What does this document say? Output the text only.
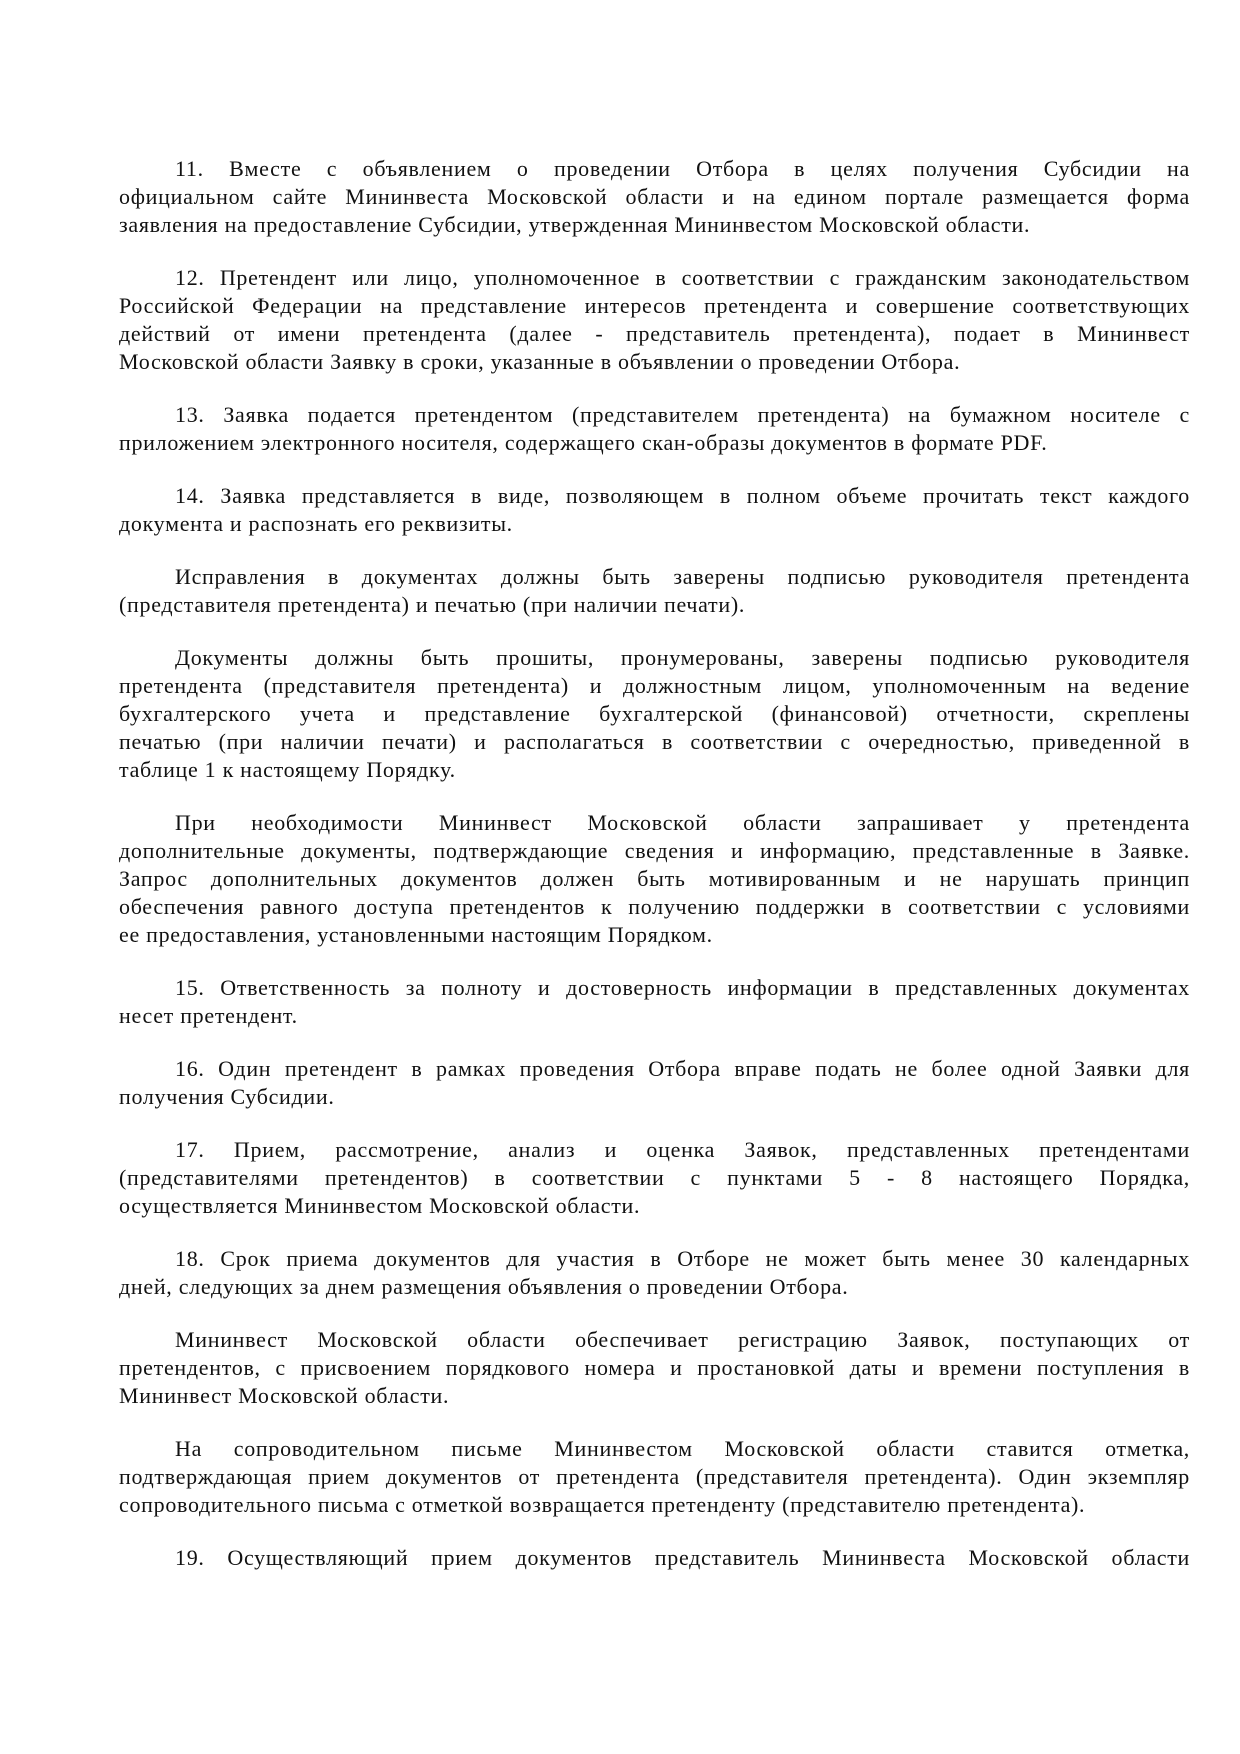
11. Вместе с объявлением о проведении Отбора в целях получения Субсидии на
официальном сайте Мининвеста Московской области и на едином портале размещается форма
заявления на предоставление Субсидии, утвержденная Мининвестом Московской области.
12. Претендент или лицо, уполномоченное в соответствии с гражданским законодательством
Российской Федерации на представление интересов претендента и совершение соответствующих
действий от имени претендента (далее - представитель претендента), подает в Мининвест
Московской области Заявку в сроки, указанные в объявлении о проведении Отбора.
13. Заявка подается претендентом (представителем претендента) на бумажном носителе с
приложением электронного носителя, содержащего скан-образы документов в формате PDF.
14. Заявка представляется в виде, позволяющем в полном объеме прочитать текст каждого
документа и распознать его реквизиты.
Исправления в документах должны быть заверены подписью руководителя претендента
(представителя претендента) и печатью (при наличии печати).
Документы должны быть прошиты, пронумерованы, заверены подписью руководителя
претендента (представителя претендента) и должностным лицом, уполномоченным на ведение
бухгалтерского учета и представление бухгалтерской (финансовой) отчетности, скреплены
печатью (при наличии печати) и располагаться в соответствии с очередностью, приведенной в
таблице 1 к настоящему Порядку.
При необходимости Мининвест Московской области запрашивает у претендента
дополнительные документы, подтверждающие сведения и информацию, представленные в Заявке.
Запрос дополнительных документов должен быть мотивированным и не нарушать принцип
обеспечения равного доступа претендентов к получению поддержки в соответствии с условиями
ее предоставления, установленными настоящим Порядком.
15. Ответственность за полноту и достоверность информации в представленных документах
несет претендент.
16. Один претендент в рамках проведения Отбора вправе подать не более одной Заявки для
получения Субсидии.
17. Прием, рассмотрение, анализ и оценка Заявок, представленных претендентами
(представителями претендентов) в соответствии с пунктами 5 - 8 настоящего Порядка,
осуществляется Мининвестом Московской области.
18. Срок приема документов для участия в Отборе не может быть менее 30 календарных
дней, следующих за днем размещения объявления о проведении Отбора.
Мининвест Московской области обеспечивает регистрацию Заявок, поступающих от
претендентов, с присвоением порядкового номера и простановкой даты и времени поступления в
Мининвест Московской области.
На сопроводительном письме Мининвестом Московской области ставится отметка,
подтверждающая прием документов от претендента (представителя претендента). Один экземпляр
сопроводительного письма с отметкой возвращается претенденту (представителю претендента).
19. Осуществляющий прием документов представитель Мининвеста Московской области
